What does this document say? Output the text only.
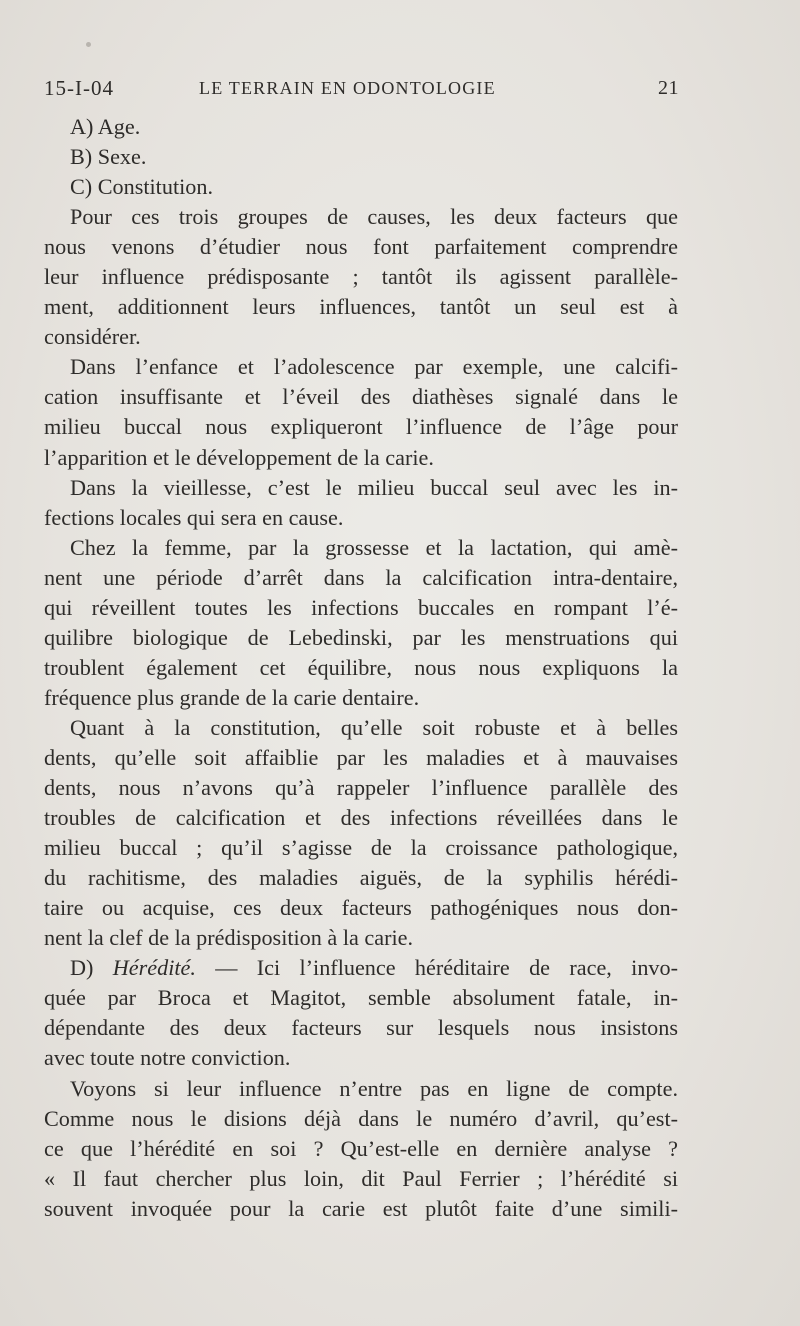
15-I-04	LE TERRAIN EN ODONTOLOGIE	21
A) Age.
B) Sexe.
C) Constitution.
Pour ces trois groupes de causes, les deux facteurs que
nous venons d’étudier nous font parfaitement comprendre
leur influence prédisposante ; tantôt ils agissent parallèle-
ment, additionnent leurs influences, tantôt un seul est à
considérer.
Dans l’enfance et l’adolescence par exemple, une calcifi-
cation insuffisante et l’éveil des diathèses signalé dans le
milieu buccal nous expliqueront l’influence de l’âge pour
l’apparition et le développement de la carie.
Dans la vieillesse, c’est le milieu buccal seul avec les in-
fections locales qui sera en cause.
Chez la femme, par la grossesse et la lactation, qui amè-
nent une période d’arrêt dans la calcification intra-dentaire,
qui réveillent toutes les infections buccales en rompant l’é-
quilibre biologique de Lebedinski, par les menstruations qui
troublent également cet équilibre, nous nous expliquons la
fréquence plus grande de la carie dentaire.
Quant à la constitution, qu’elle soit robuste et à belles
dents, qu’elle soit affaiblie par les maladies et à mauvaises
dents, nous n’avons qu’à rappeler l’influence parallèle des
troubles de calcification et des infections réveillées dans le
milieu buccal ; qu’il s’agisse de la croissance pathologique,
du rachitisme, des maladies aiguës, de la syphilis hérédi-
taire ou acquise, ces deux facteurs pathogéniques nous don-
nent la clef de la prédisposition à la carie.
D) Hérédité. — Ici l’influence héréditaire de race, invo-
quée par Broca et Magitot, semble absolument fatale, in-
dépendante des deux facteurs sur lesquels nous insistons
avec toute notre conviction.
Voyons si leur influence n’entre pas en ligne de compte.
Comme nous le disions déjà dans le numéro d’avril, qu’est-
ce que l’hérédité en soi ? Qu’est-elle en dernière analyse ?
« Il faut chercher plus loin, dit Paul Ferrier ; l’hérédité si
souvent invoquée pour la carie est plutôt faite d’une simili-
